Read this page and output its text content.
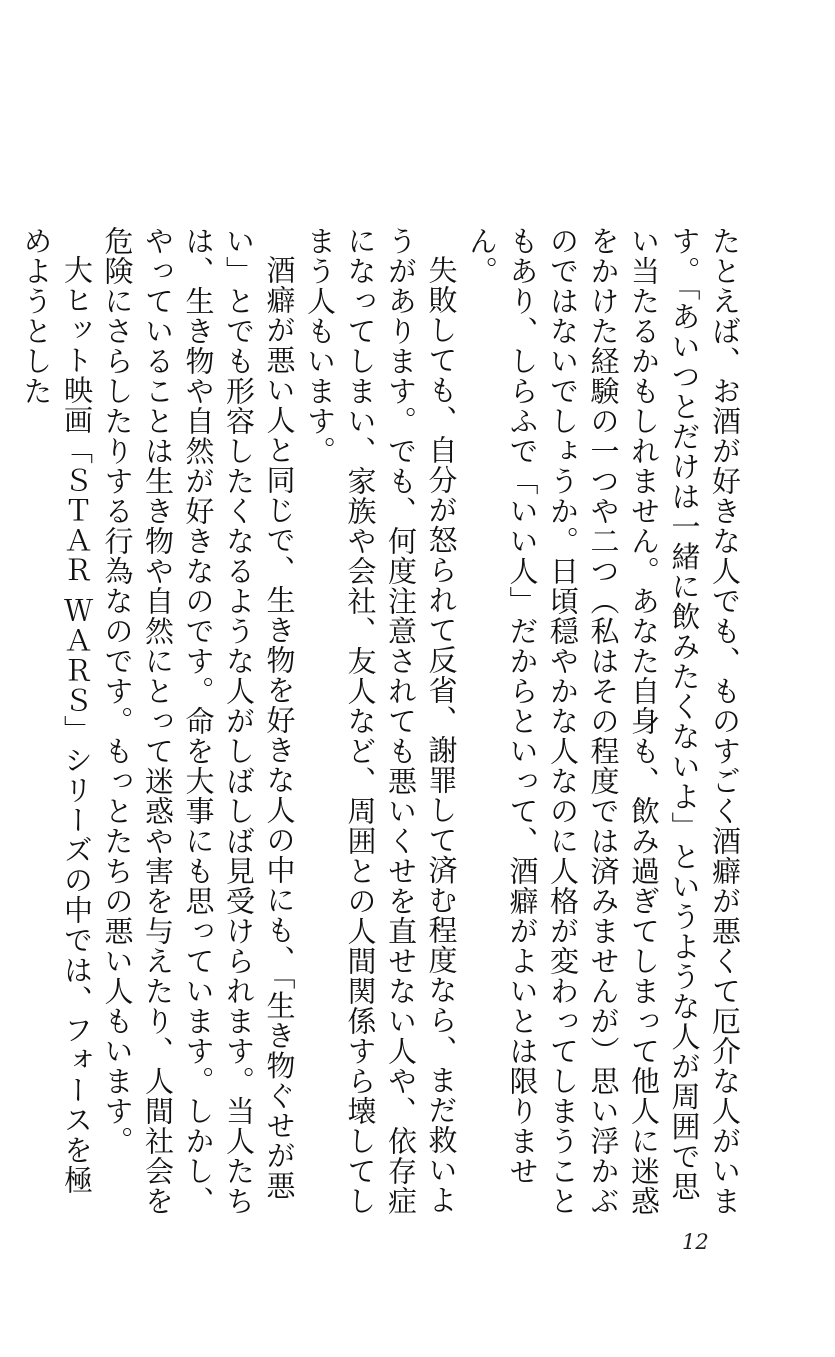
たとえば、お酒が好きな人でも、ものすごく酒癖が悪くて厄介な人がいます。「あいつとだけは一緒に飲みたくないよ」というような人が周囲で思い当たるかもしれません。あなた自身も、飲み過ぎてしまって他人に迷惑をかけた経験の一つや二つ（私はその程度では済みませんが）思い浮かぶのではないでしょうか。日頃穏やかな人なのに人格が変わってしまうこともあり、しらふで「いい人」だからといって、酒癖がよいとは限りません。

失敗しても、自分が怒られて反省、謝罪して済む程度なら、まだ救いようがあります。でも、何度注意されても悪いくせを直せない人や、依存症になってしまい、家族や会社、友人など、周囲との人間関係すら壊してしまう人もいます。

酒癖が悪い人と同じで、生き物を好きな人の中にも、「生き物ぐせが悪い」とでも形容したくなるような人がしばしば見受けられます。当人たちは、生き物や自然が好きなのです。命を大事にも思っています。しかし、やっていることは生き物や自然にとって迷惑や害を与えたり、人間社会を危険にさらしたりする行為なのです。もっとたちの悪い人もいます。

大ヒット映画「ＳＴＡＲ ＷＡＲＳ」シリーズの中では、フォースを極めようとした

12
